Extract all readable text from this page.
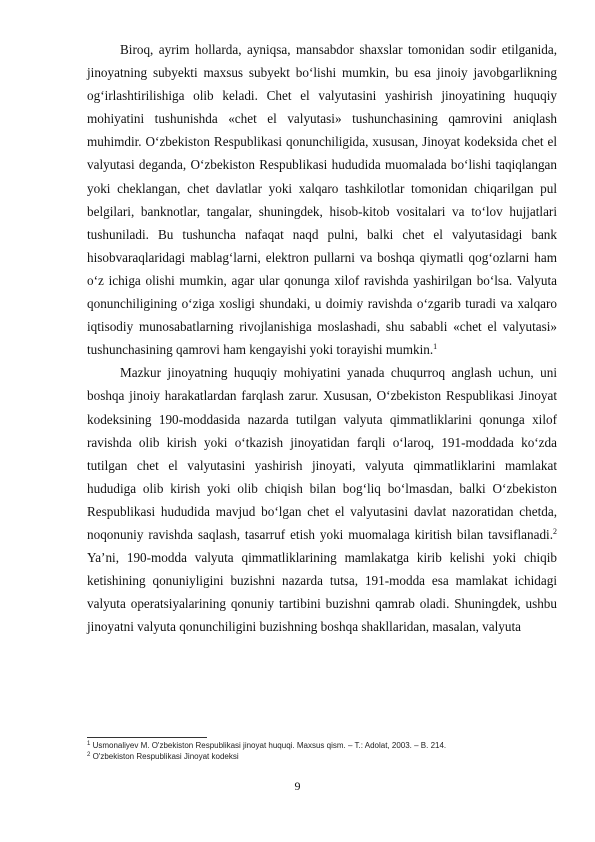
Biroq, ayrim hollarda, ayniqsa, mansabdor shaxslar tomonidan sodir etilganida, jinoyatning subyekti maxsus subyekt bo‘lishi mumkin, bu esa jinoiy javobgarlikning og‘irlashtirilishiga olib keladi. Chet el valyutasini yashirish jinoyatining huquqiy mohiyatini tushunishda «chet el valyutasi» tushunchasining qamrovini aniqlash muhimdir. O‘zbekiston Respublikasi qonunchiligida, xususan, Jinoyat kodeksida chet el valyutasi deganda, O‘zbekiston Respublikasi hududida muomalada bo‘lishi taqiqlangan yoki cheklangan, chet davlatlar yoki xalqaro tashkilotlar tomonidan chiqarilgan pul belgilari, banknotlar, tangalar, shuningdek, hisob-kitob vositalari va to‘lov hujjatlari tushuniladi. Bu tushuncha nafaqat naqd pulni, balki chet el valyutasidagi bank hisobvaraqlaridagi mablag‘larni, elektron pullarni va boshqa qiymatli qog‘ozlarni ham o‘z ichiga olishi mumkin, agar ular qonunga xilof ravishda yashirilgan bo‘lsa. Valyuta qonunchiligining o‘ziga xosligi shundaki, u doimiy ravishda o‘zgarib turadi va xalqaro iqtisodiy munosabatlarning rivojlanishiga moslashadi, shu sababli «chet el valyutasi» tushunchasining qamrovi ham kengayishi yoki torayishi mumkin.$^1$

Mazkur jinoyatning huquqiy mohiyatini yanada chuqurroq anglash uchun, uni boshqa jinoiy harakatlardan farqlash zarur. Xususan, O‘zbekiston Respublikasi Jinoyat kodeksining 190-moddasida nazarda tutilgan valyuta qimmatliklarini qonunga xilof ravishda olib kirish yoki o‘tkazish jinoyatidan farqli o‘laroq, 191-moddada ko‘zda tutilgan chet el valyutasini yashirish jinoyati, valyuta qimmatliklarini mamlakat hududiga olib kirish yoki olib chiqish bilan bog‘liq bo‘lmasdan, balki O‘zbekiston Respublikasi hududida mavjud bo‘lgan chet el valyutasini davlat nazoratidan chetda, noqonuniy ravishda saqlash, tasarruf etish yoki muomalaga kiritish bilan tavsiflanadi.$^2$ Ya’ni, 190-modda valyuta qimmatliklarining mamlakatga kirib kelishi yoki chiqib ketishining qonuniyligini buzishni nazarda tutsa, 191-modda esa mamlakat ichidagi valyuta operatsiyalarining qonuniy tartibini buzishni qamrab oladi. Shuningdek, ushbu jinoyatni valyuta qonunchiligini buzishning boshqa shakllaridan, masalan, valyuta

$^1$ Usmonaliyev M. O'zbekiston Respublikasi jinoyat huquqi. Maxsus qism. – T.: Adolat, 2003. – B. 214.

$^2$ O'zbekiston Respublikasi Jinoyat kodeksi

9
